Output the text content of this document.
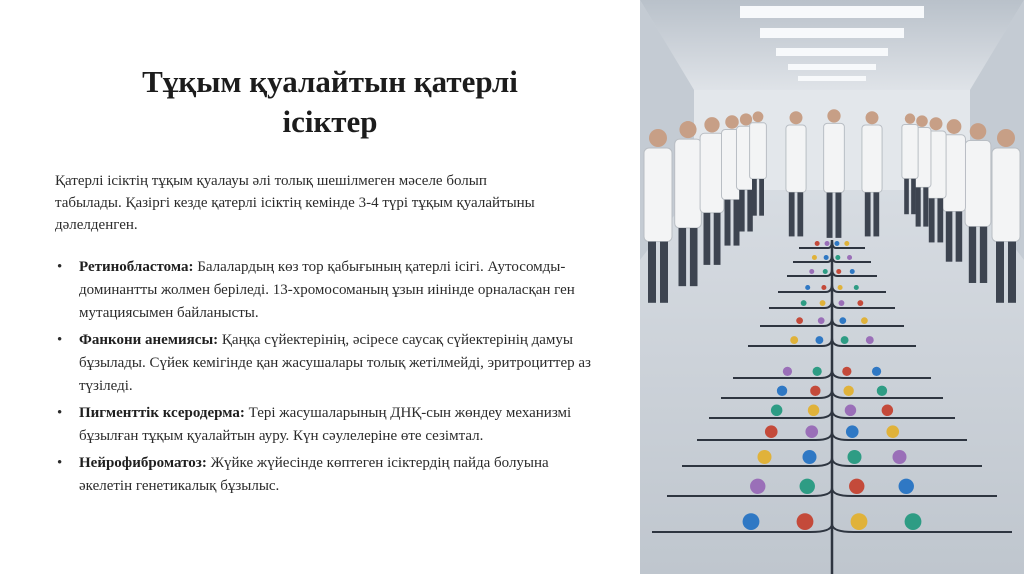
Тұқым қуалайтын қатерлі
ісіктер
Қатерлі ісіктің тұқым қуалауы әлі толық шешілмеген мәселе болып
табылады. Қазіргі кезде қатерлі ісіктің кемінде 3-4 түрі тұқым қуалайтыны
дәлелденген.
• Ретинобластома: Балалардың көз тор қабығының қатерлі ісігі. Аутосомды-доминантты жолмен беріледі. 13-хромосоманың ұзын иінінде орналасқан ген мутациясымен байланысты.
• Фанкони анемиясы: Қаңқа сүйектерінің, әсіресе саусақ сүйектерінің дамуы бұзылады. Сүйек кемігінде қан жасушалары толық жетілмейді, эритроциттер аз түзіледі.
• Пигменттік ксеродерма: Тері жасушаларының ДНҚ-сын жөндеу механизмі бұзылған тұқым қуалайтын ауру. Күн сәулелеріне өте сезімтал.
• Нейрофиброматоз: Жүйке жүйесінде көптеген ісіктердің пайда болуына әкелетін генетикалық бұзылыс.
